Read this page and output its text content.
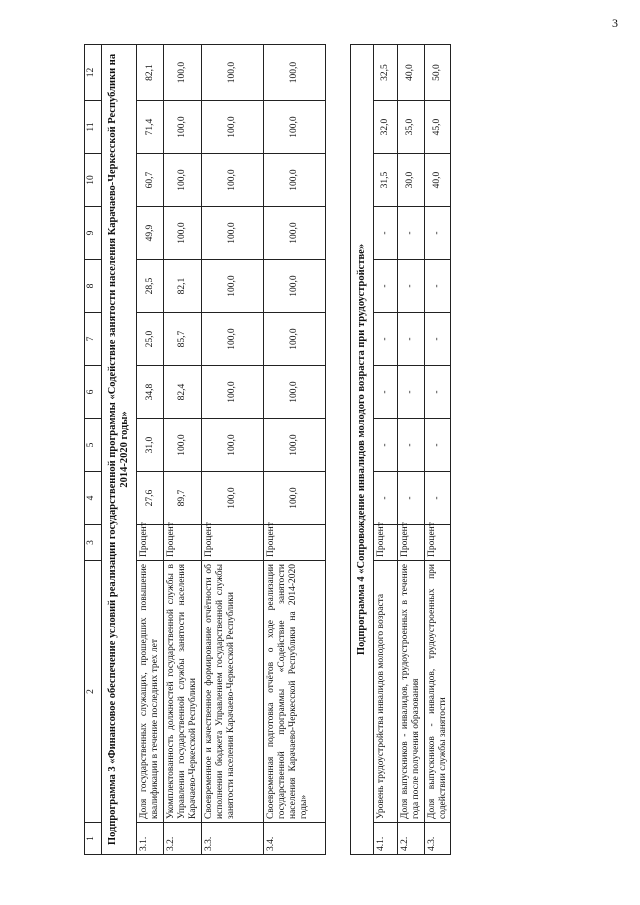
3
1	2	3	4	5	6	7	8	9	10	11	12
Подпрограмма 3 «Финансовое обеспечение условий реализации государственной программы «Содействие занятости населения Карачаево-Черкесской Республики на 2014-2020 годы»											
3.1.	Доля государственных служащих, прошедших повышение квалификации в течение последних трех лет	Процент	27,6	31,0	34,8	25,0	28,5	49,9	60,7	71,4	82,1
3.2.	Укомплектованность должностей государственной службы в Управлении государственной службы занятости населения Карачаево-Черкесской Республики	Процент	89,7	100,0	82,4	85,7	82,1	100,0	100,0	100,0	100,0
3.3.	Своевременное и качественное формирование отчётности об исполнении бюджета Управлением государственной службы занятости населения Карачаево-Черкесской Республики	Процент	100,0	100,0	100,0	100,0	100,0	100,0	100,0	100,0	100,0
3.4.	Своевременная подготовка отчётов о ходе реализации государственной программы «Содействие занятости населения Карачаево-Черкесской Республики на 2014-2020 годы»	Процент	100,0	100,0	100,0	100,0	100,0	100,0	100,0	100,0	100,0

Подпрограмма 4 «Сопровождение инвалидов молодого возраста при трудоустройстве»											
4.1.	Уровень трудоустройства инвалидов молодого возраста	Процент	-	-	-	-	-	-	31,5	32,0	32,5
4.2.	Доля выпускников - инвалидов, трудоустроенных в течение года после получения образования	Процент	-	-	-	-	-	-	30,0	35,0	40,0
4.3.	Доля выпускников - инвалидов, трудоустроенных при содействии службы занятости	Процент	-	-	-	-	-	-	40,0	45,0	50,0
